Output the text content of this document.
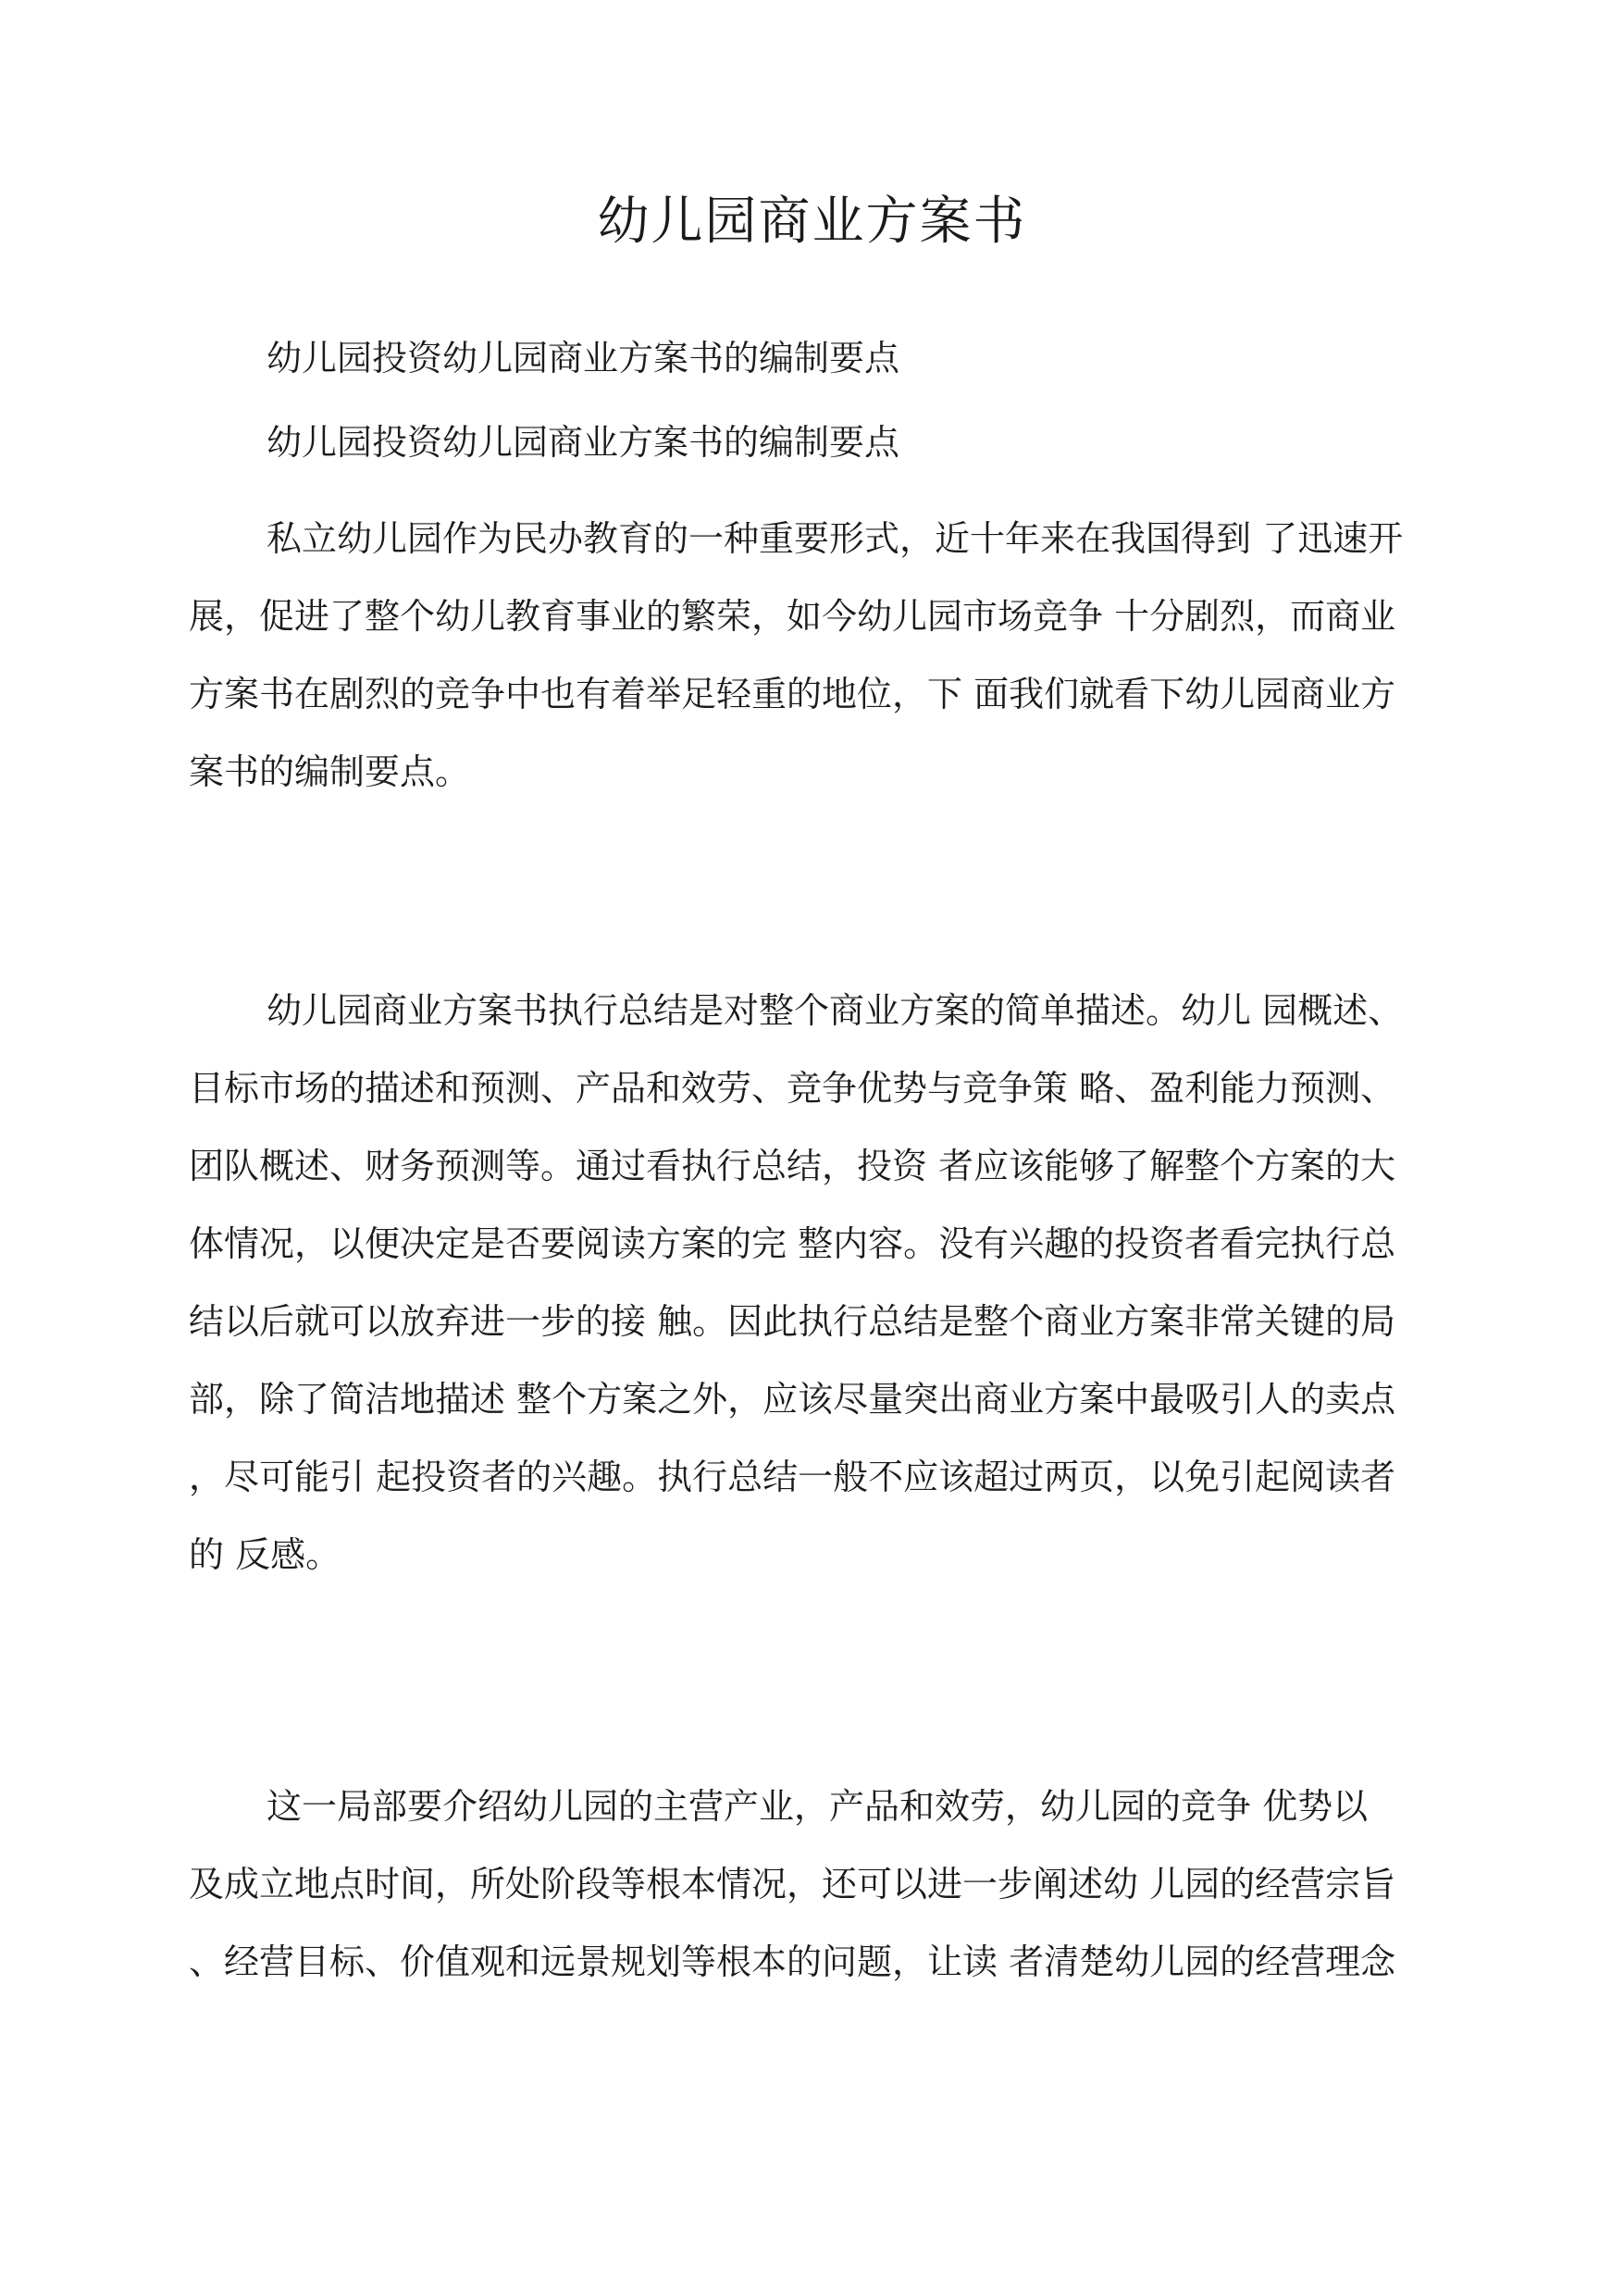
幼儿园商业方案书
幼儿园投资幼儿园商业方案书的编制要点
幼儿园投资幼儿园商业方案书的编制要点
私立幼儿园作为民办教育的一种重要形式，近十年来在我国得到 了迅速开
展，促进了整个幼儿教育事业的繁荣，如今幼儿园市场竞争 十分剧烈，而商业
方案书在剧烈的竞争中也有着举足轻重的地位，下 面我们就看下幼儿园商业方
案书的编制要点。
幼儿园商业方案书执行总结是对整个商业方案的简单描述。幼儿 园概述、
目标市场的描述和预测、产品和效劳、竞争优势与竞争策 略、盈利能力预测、
团队概述、财务预测等。通过看执行总结，投资 者应该能够了解整个方案的大
体情况，以便决定是否要阅读方案的完 整内容。没有兴趣的投资者看完执行总
结以后就可以放弃进一步的接 触。因此执行总结是整个商业方案非常关键的局
部，除了简洁地描述 整个方案之外，应该尽量突出商业方案中最吸引人的卖点
，尽可能引 起投资者的兴趣。执行总结一般不应该超过两页，以免引起阅读者
的 反感。
这一局部要介绍幼儿园的主营产业，产品和效劳，幼儿园的竞争 优势以
及成立地点时间，所处阶段等根本情况，还可以进一步阐述幼 儿园的经营宗旨
、经营目标、价值观和远景规划等根本的问题，让读 者清楚幼儿园的经营理念
